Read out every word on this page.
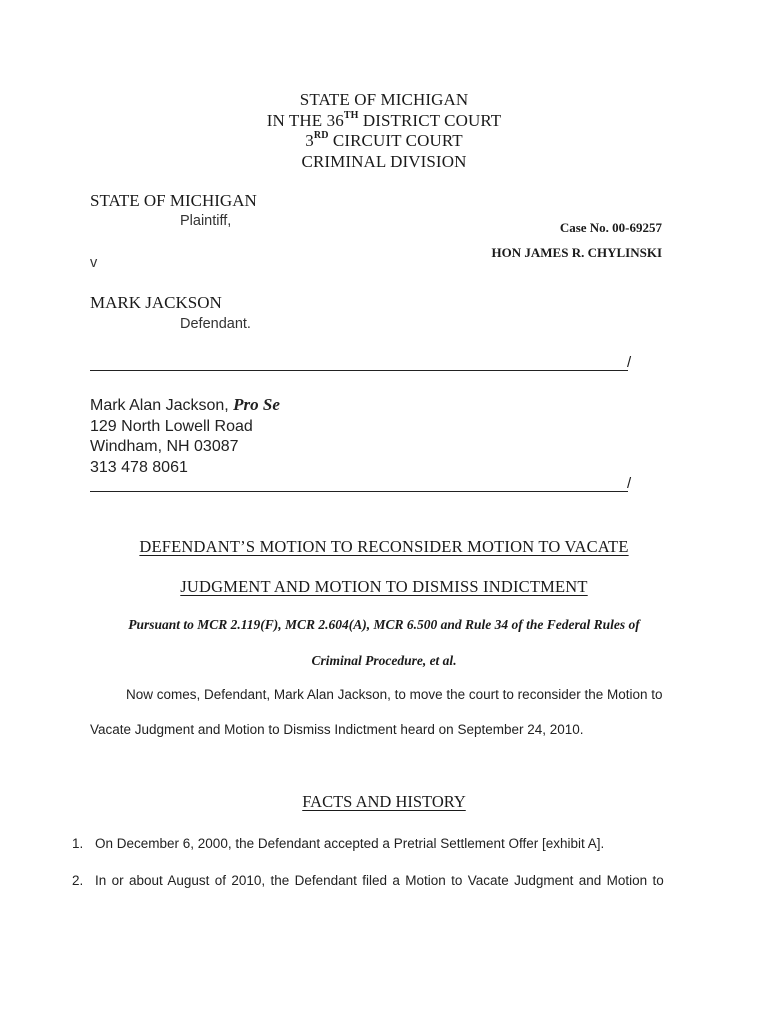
STATE OF MICHIGAN
IN THE 36TH DISTRICT COURT
3RD CIRCUIT COURT
CRIMINAL DIVISION
STATE OF MICHIGAN
Plaintiff,	Case No. 00-69257
HON JAMES R. CHYLINSKI
v
MARK JACKSON
Defendant.
/
Mark Alan Jackson, Pro Se
129 North Lowell Road
Windham, NH 03087
313 478 8061
/
DEFENDANT’S MOTION TO RECONSIDER MOTION TO VACATE
JUDGMENT AND MOTION TO DISMISS INDICTMENT
Pursuant to MCR 2.119(F), MCR 2.604(A), MCR 6.500 and Rule 34 of the Federal Rules of
Criminal Procedure, et al.
Now comes, Defendant, Mark Alan Jackson, to move the court to reconsider the Motion to
Vacate Judgment and Motion to Dismiss Indictment heard on September 24, 2010.
FACTS AND HISTORY
1. On December 6, 2000, the Defendant accepted a Pretrial Settlement Offer [exhibit A].
2. In or about August of 2010, the Defendant filed a Motion to Vacate Judgment and Motion to
